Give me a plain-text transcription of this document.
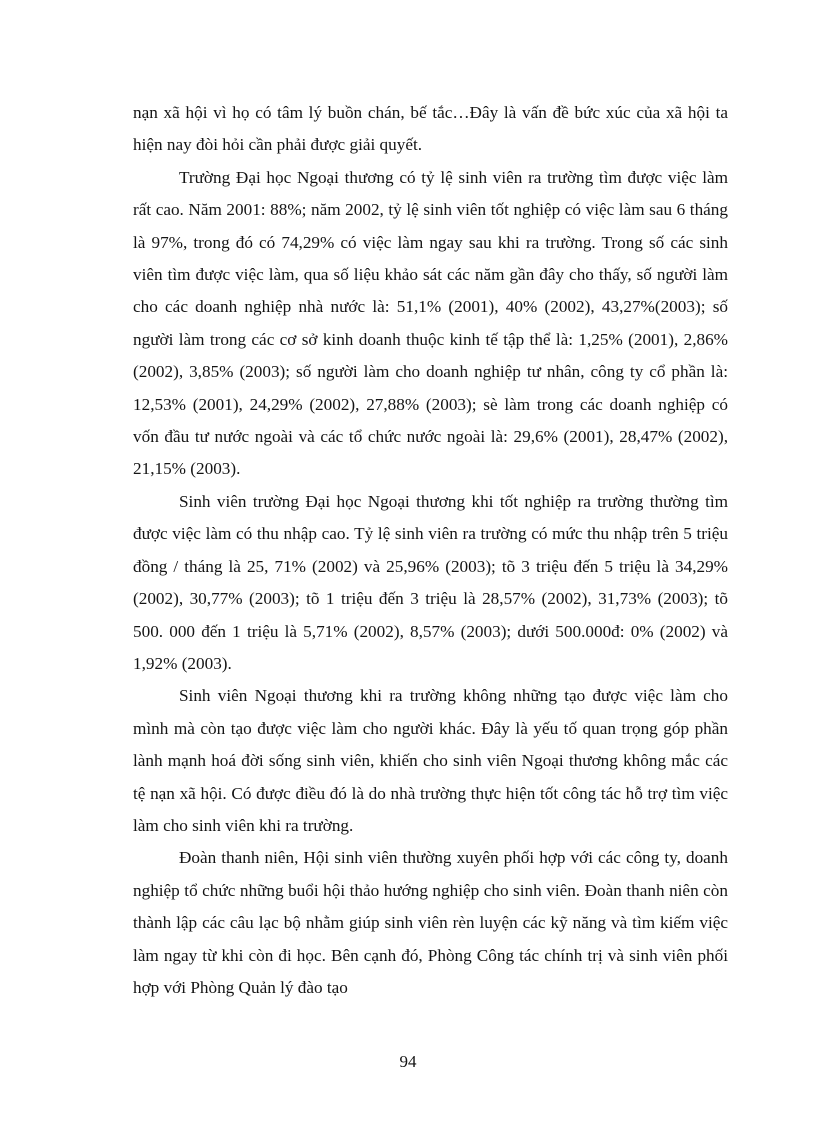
nạn xã hội vì họ có tâm lý buồn chán, bế tắc…Đây là vấn đề bức xúc của xã hội ta hiện nay đòi hỏi cần phải được giải quyết.

Trường Đại học Ngoại thương có tỷ lệ sinh viên ra trường tìm được việc làm rất cao. Năm 2001: 88%; năm 2002, tỷ lệ sinh viên tốt nghiệp có việc làm sau 6 tháng là 97%, trong đó có 74,29% có việc làm ngay sau khi ra trường. Trong số các sinh viên tìm được việc làm, qua số liệu khảo sát các năm gần đây cho thấy, số người làm cho các doanh nghiệp nhà nước là: 51,1% (2001), 40% (2002), 43,27%(2003); số người làm trong các cơ sở kinh doanh thuộc kinh tế tập thể là: 1,25% (2001), 2,86% (2002), 3,85% (2003); số người làm cho doanh nghiệp tư nhân, công ty cổ phần là: 12,53% (2001), 24,29% (2002), 27,88% (2003); sè làm trong các doanh nghiệp có vốn đầu tư nước ngoài và các tổ chức nước ngoài là: 29,6% (2001), 28,47% (2002), 21,15% (2003).

Sinh viên trường Đại học Ngoại thương khi tốt nghiệp ra trường thường tìm được việc làm có thu nhập cao. Tỷ lệ sinh viên ra trường có mức thu nhập trên 5 triệu đồng / tháng là 25, 71% (2002) và 25,96% (2003); tõ 3 triệu đến 5 triệu là 34,29% (2002), 30,77% (2003); tõ 1 triệu đến 3 triệu là 28,57% (2002), 31,73% (2003); tõ 500. 000 đến 1 triệu là 5,71% (2002), 8,57% (2003); dưới 500.000đ: 0% (2002) và 1,92% (2003).

Sinh viên Ngoại thương khi ra trường không những tạo được việc làm cho mình mà còn tạo được việc làm cho người khác. Đây là yếu tố quan trọng góp phần lành mạnh hoá đời sống sinh viên, khiến cho sinh viên Ngoại thương không mắc các tệ nạn xã hội. Có được điều đó là do nhà trường thực hiện tốt công tác hỗ trợ tìm việc làm cho sinh viên khi ra trường.

Đoàn thanh niên, Hội sinh viên thường xuyên phối hợp với các công ty, doanh nghiệp tổ chức những buổi hội thảo hướng nghiệp cho sinh viên. Đoàn thanh niên còn thành lập các câu lạc bộ nhằm giúp sinh viên rèn luyện các kỹ năng và tìm kiếm việc làm ngay từ khi còn đi học. Bên cạnh đó, Phòng Công tác chính trị và sinh viên phối hợp với Phòng Quản lý đào tạo

94
